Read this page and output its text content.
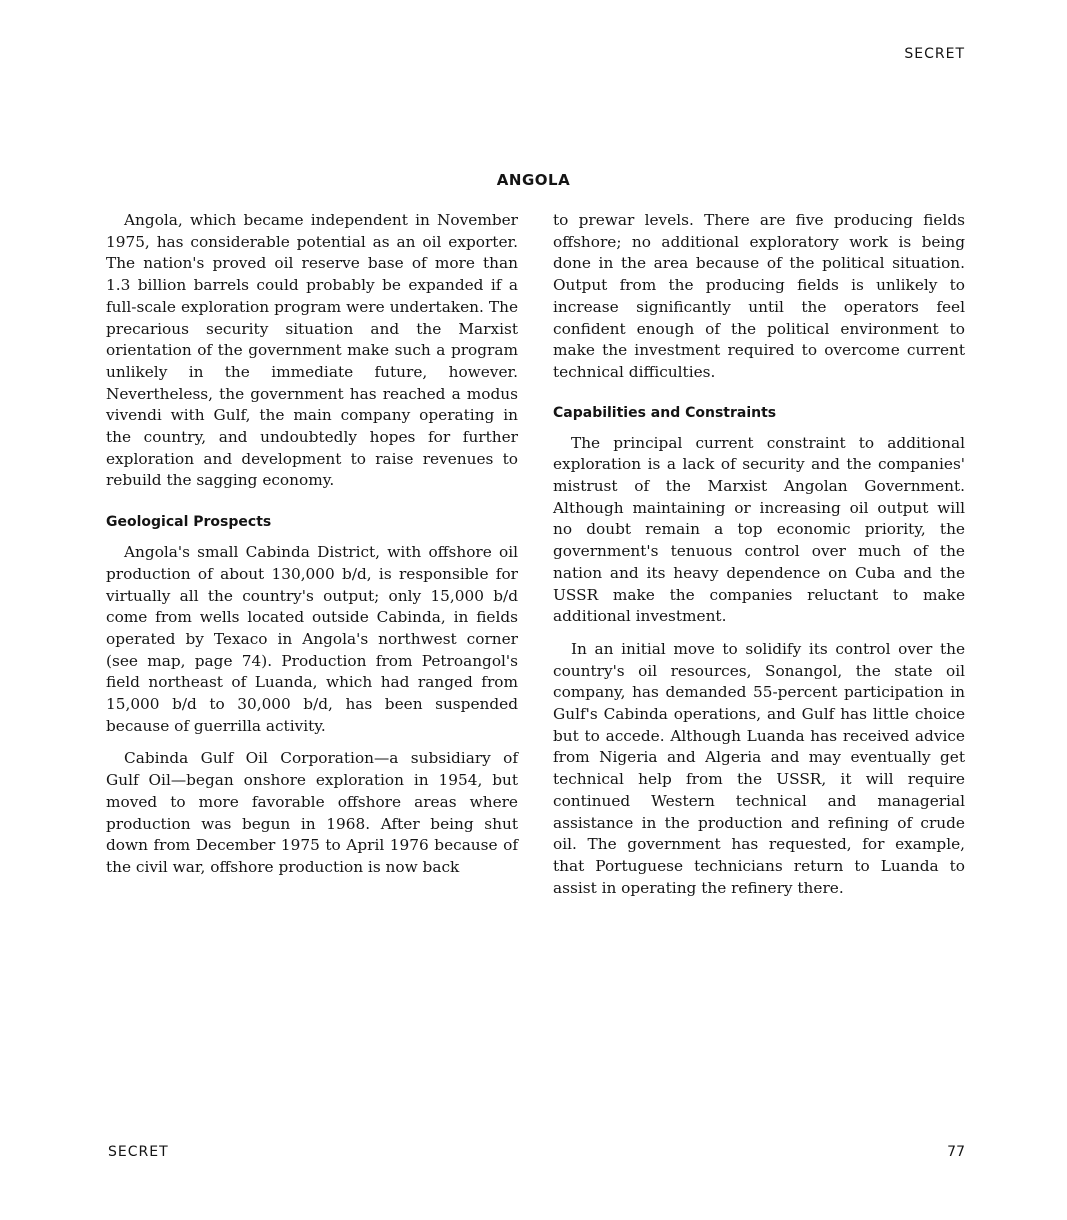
SECRET
ANGOLA

Angola, which became independent in November 1975, has considerable potential as an oil exporter. The nation's proved oil reserve base of more than 1.3 billion barrels could probably be expanded if a full-scale exploration program were undertaken. The precarious security situation and the Marxist orientation of the government make such a program unlikely in the immediate future, however. Nevertheless, the government has reached a modus vivendi with Gulf, the main company operating in the country, and undoubtedly hopes for further exploration and development to raise revenues to rebuild the sagging economy.

Geological Prospects

Angola's small Cabinda District, with offshore oil production of about 130,000 b/d, is responsible for virtually all the country's output; only 15,000 b/d come from wells located outside Cabinda, in fields operated by Texaco in Angola's northwest corner (see map, page 74). Production from Petroangol's field northeast of Luanda, which had ranged from 15,000 b/d to 30,000 b/d, has been suspended because of guerrilla activity.

Cabinda Gulf Oil Corporation—a subsidiary of Gulf Oil—began onshore exploration in 1954, but moved to more favorable offshore areas where production was begun in 1968. After being shut down from December 1975 to April 1976 because of the civil war, offshore production is now back

to prewar levels. There are five producing fields offshore; no additional exploratory work is being done in the area because of the political situation. Output from the producing fields is unlikely to increase significantly until the operators feel confident enough of the political environment to make the investment required to overcome current technical difficulties.

Capabilities and Constraints

The principal current constraint to additional exploration is a lack of security and the companies' mistrust of the Marxist Angolan Government. Although maintaining or increasing oil output will no doubt remain a top economic priority, the government's tenuous control over much of the nation and its heavy dependence on Cuba and the USSR make the companies reluctant to make additional investment.

In an initial move to solidify its control over the country's oil resources, Sonangol, the state oil company, has demanded 55-percent participation in Gulf's Cabinda operations, and Gulf has little choice but to accede. Although Luanda has received advice from Nigeria and Algeria and may eventually get technical help from the USSR, it will require continued Western technical and managerial assistance in the production and refining of crude oil. The government has requested, for example, that Portuguese technicians return to Luanda to assist in operating the refinery there.

SECRET	77
